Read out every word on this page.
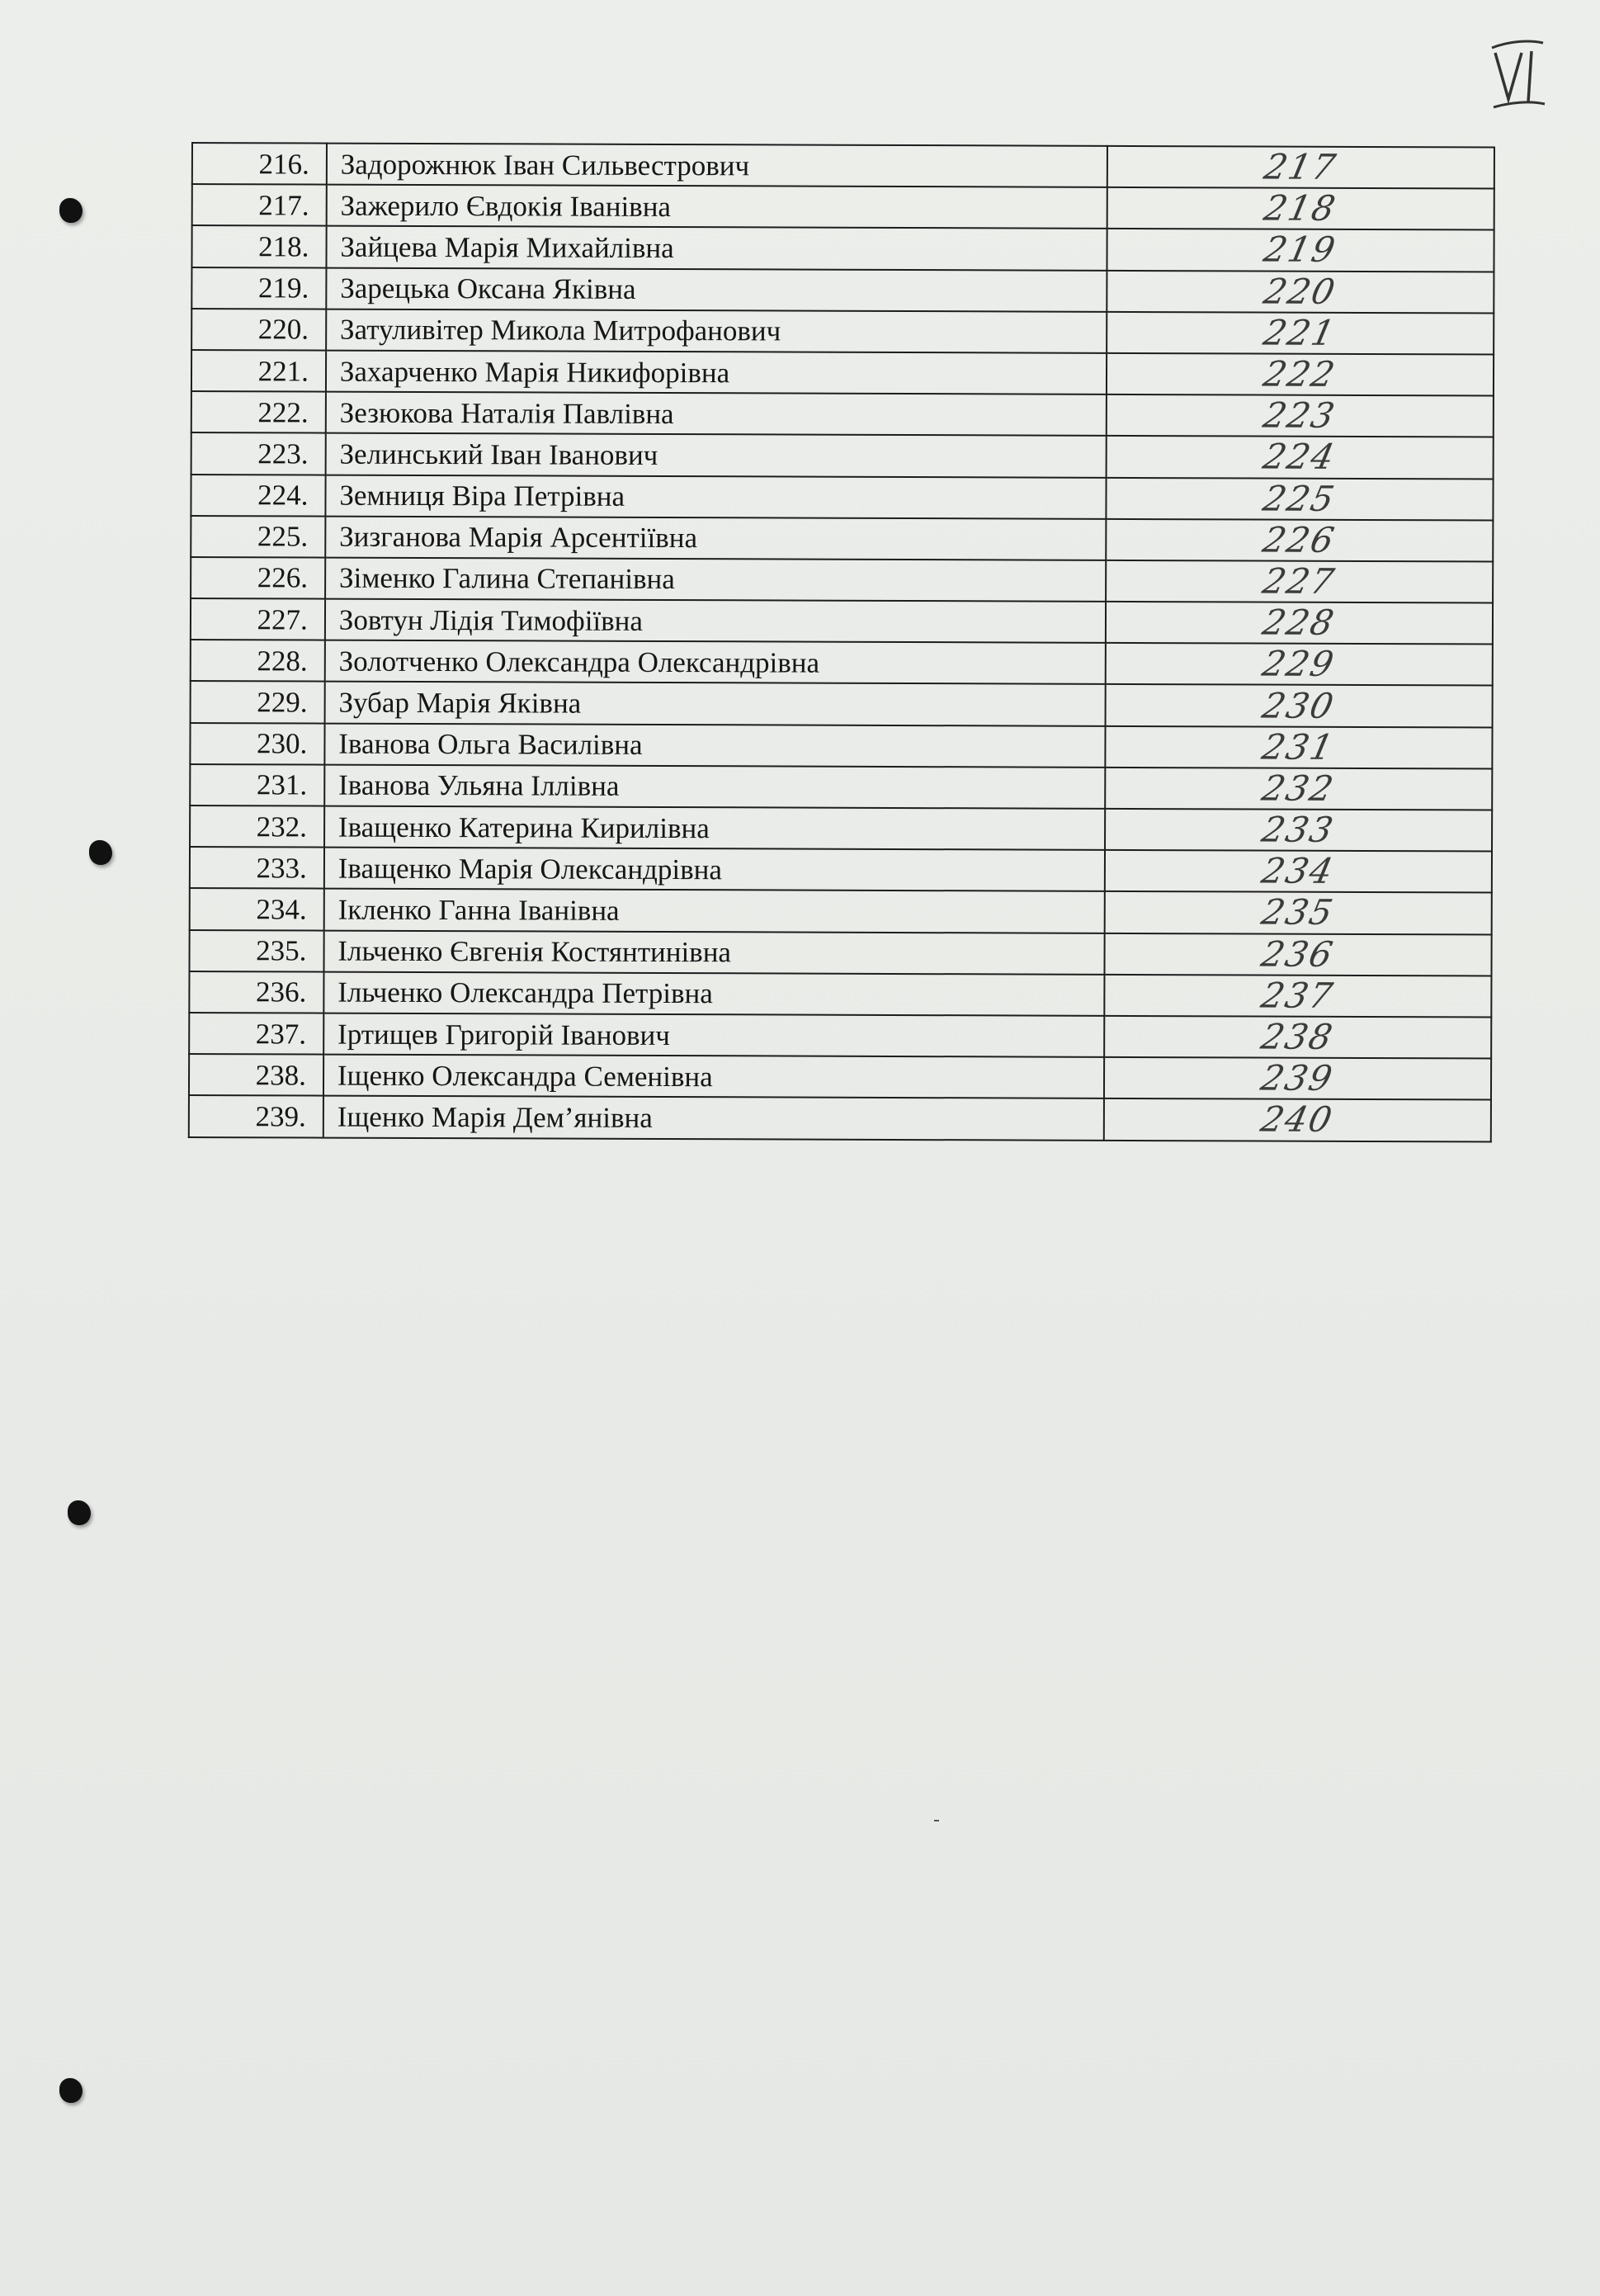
216.	Задорожнюк Іван Сильвестрович	217
217.	Зажерило Євдокія Іванівна	218
218.	Зайцева Марія Михайлівна	219
219.	Зарецька Оксана Яківна	220
220.	Затуливітер Микола Митрофанович	221
221.	Захарченко Марія Никифорівна	222
222.	Зезюкова Наталія Павлівна	223
223.	Зелинський Іван Іванович	224
224.	Земниця Віра Петрівна	225
225.	Зизганова Марія Арсентіївна	226
226.	Зіменко Галина Степанівна	227
227.	Зовтун Лідія Тимофіївна	228
228.	Золотченко Олександра Олександрівна	229
229.	Зубар Марія Яківна	230
230.	Іванова Ольга Василівна	231
231.	Іванова Ульяна Іллівна	232
232.	Іващенко Катерина Кирилівна	233
233.	Іващенко Марія Олександрівна	234
234.	Ікленко Ганна Іванівна	235
235.	Ільченко Євгенія Костянтинівна	236
236.	Ільченко Олександра Петрівна	237
237.	Іртищев Григорій Іванович	238
238.	Іщенко Олександра Семенівна	239
239.	Іщенко Марія Дем’янівна	240
